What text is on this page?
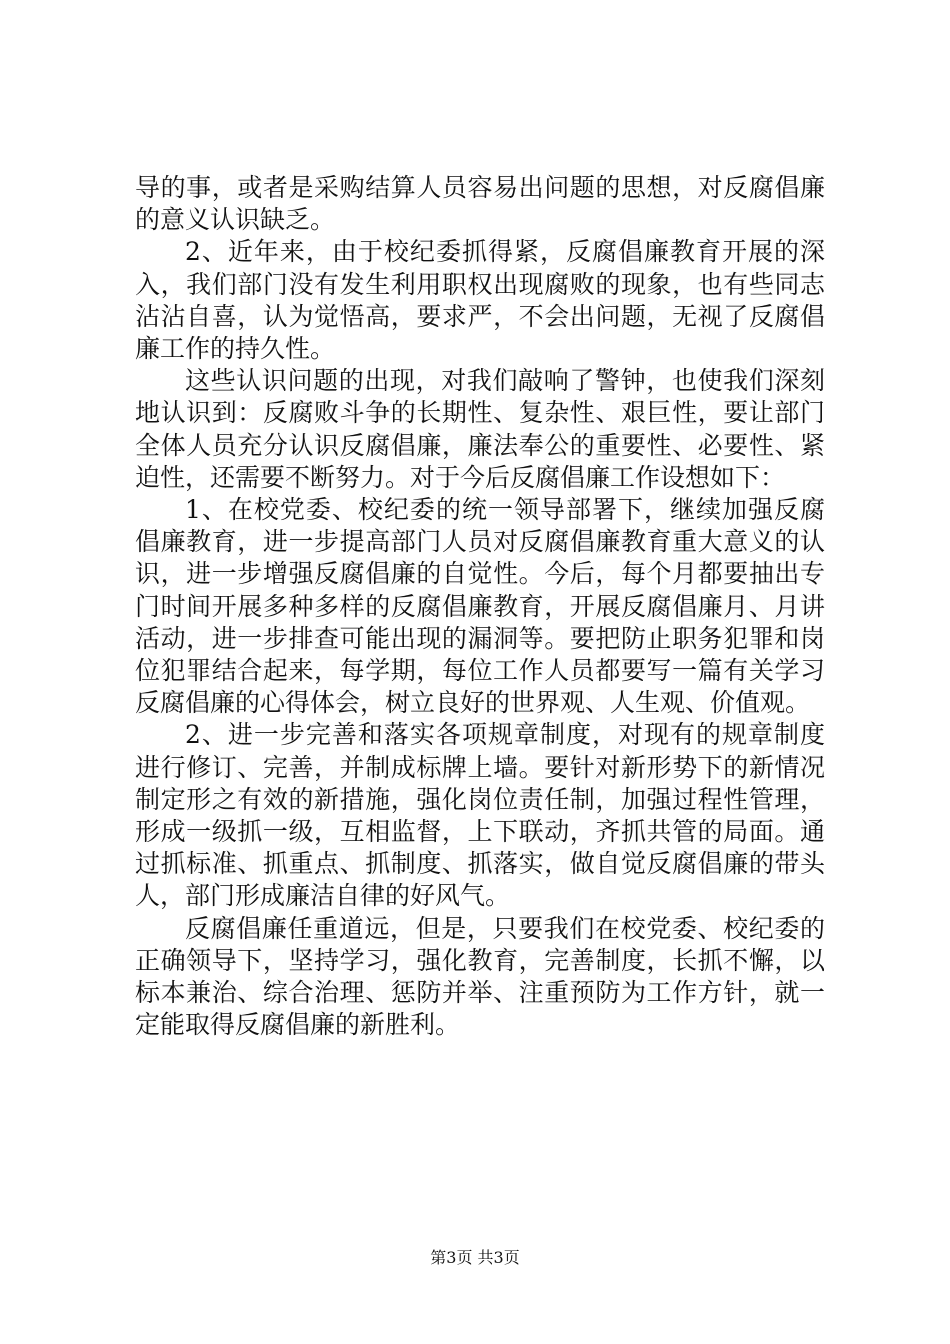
导的事，或者是采购结算人员容易出问题的思想，对反腐倡廉的意义认识缺乏。

2、近年来，由于校纪委抓得紧，反腐倡廉教育开展的深入，我们部门没有发生利用职权出现腐败的现象，也有些同志沾沾自喜，认为觉悟高，要求严，不会出问题，无视了反腐倡廉工作的持久性。

这些认识问题的出现，对我们敲响了警钟，也使我们深刻地认识到：反腐败斗争的长期性、复杂性、艰巨性，要让部门全体人员充分认识反腐倡廉，廉法奉公的重要性、必要性、紧迫性，还需要不断努力。对于今后反腐倡廉工作设想如下：

1、在校党委、校纪委的统一领导部署下，继续加强反腐倡廉教育，进一步提高部门人员对反腐倡廉教育重大意义的认识，进一步增强反腐倡廉的自觉性。今后，每个月都要抽出专门时间开展多种多样的反腐倡廉教育，开展反腐倡廉月、月讲活动，进一步排查可能出现的漏洞等。要把防止职务犯罪和岗位犯罪结合起来，每学期，每位工作人员都要写一篇有关学习反腐倡廉的心得体会，树立良好的世界观、人生观、价值观。

2、进一步完善和落实各项规章制度，对现有的规章制度进行修订、完善，并制成标牌上墙。要针对新形势下的新情况制定形之有效的新措施，强化岗位责任制，加强过程性管理，形成一级抓一级，互相监督，上下联动，齐抓共管的局面。通过抓标准、抓重点、抓制度、抓落实，做自觉反腐倡廉的带头人，部门形成廉洁自律的好风气。

反腐倡廉任重道远，但是，只要我们在校党委、校纪委的正确领导下，坚持学习，强化教育，完善制度，长抓不懈，以标本兼治、综合治理、惩防并举、注重预防为工作方针，就一定能取得反腐倡廉的新胜利。

第3页 共3页
